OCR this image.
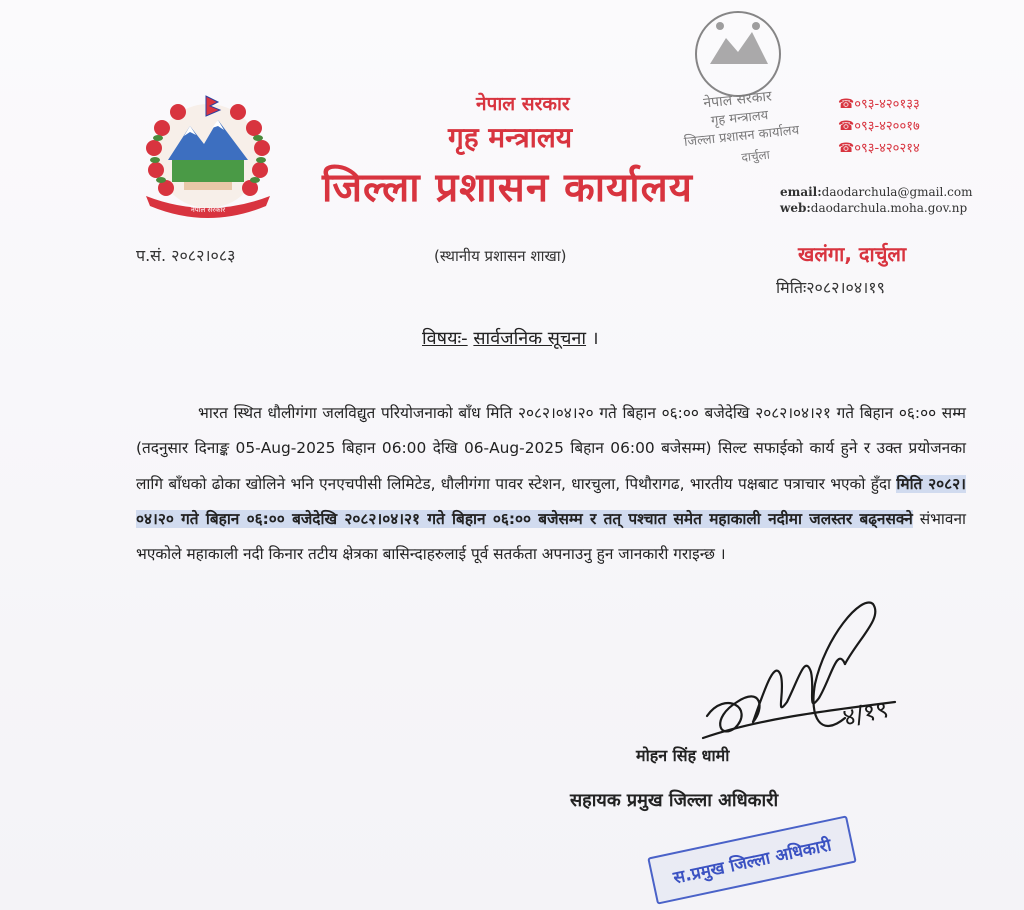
नेपाल सरकार
नेपाल सरकार
गृह मन्त्रालय
जिल्ला प्रशासन कार्यालय
नेपाल सरकार
गृह मन्त्रालय
जिल्ला प्रशासन कार्यालय
दार्चुला
☎०९३-४२०१३३
☎०९३-४२००१७
☎०९३-४२०२१४
email:daodarchula@gmail.com
web:daodarchula.moha.gov.np
प.सं. २०८२।०८३	(स्थानीय प्रशासन शाखा)	खलंगा, दार्चुला
मितिः२०८२।०४।१९
विषयः- सार्वजनिक सूचना ।
भारत स्थित धौलीगंगा जलविद्युत परियोजनाको बाँध मिति २०८२।०४।२० गते बिहान ०६:०० बजेदेखि २०८२।०४।२१ गते बिहान ०६:०० सम्म (तदनुसार दिनाङ्क 05-Aug-2025 बिहान 06:00 देखि 06-Aug-2025 बिहान 06:00 बजेसम्म) सिल्ट सफाईको कार्य हुने र उक्त प्रयोजनका लागि बाँधको ढोका खोलिने भनि एनएचपीसी लिमिटेड, धौलीगंगा पावर स्टेशन, धारचुला, पिथौरागढ, भारतीय पक्षबाट पत्राचार भएको हुँदा मिति २०८२।०४।२० गते बिहान ०६:०० बजेदेखि २०८२।०४।२१ गते बिहान ०६:०० बजेसम्म र तत् पश्चात समेत महाकाली नदीमा जलस्तर बढ्नसक्ने संभावना भएकोले महाकाली नदी किनार तटीय क्षेत्रका बासिन्दाहरुलाई पूर्व सतर्कता अपनाउनु हुन जानकारी गराइन्छ ।
४/१९
मोहन सिंह धामी
सहायक प्रमुख जिल्ला अधिकारी
स.प्रमुख जिल्ला अधिकारी
